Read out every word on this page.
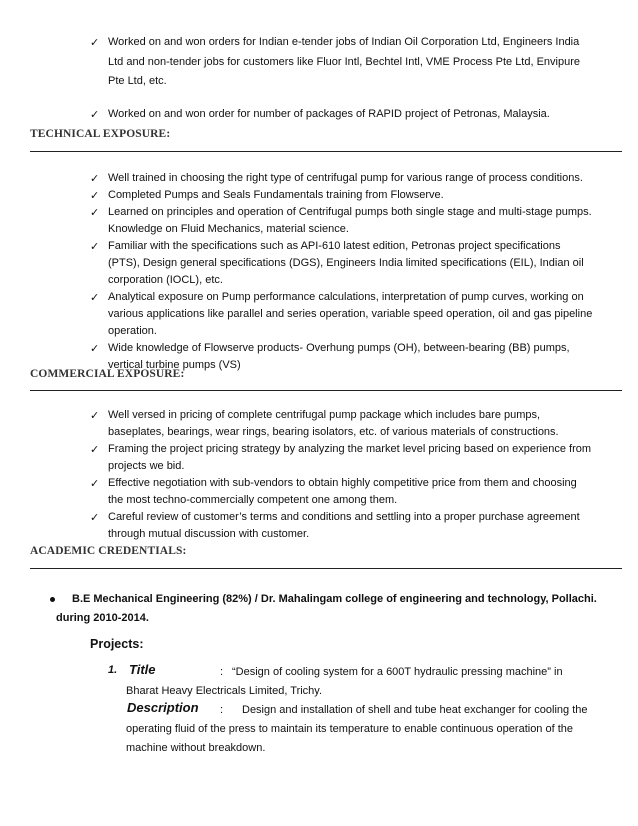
✓ Worked on and won orders for Indian e-tender jobs of Indian Oil Corporation Ltd, Engineers India Ltd and non-tender jobs for customers like Fluor Intl, Bechtel Intl, VME Process Pte Ltd, Envipure Pte Ltd, etc.
✓ Worked on and won order for number of packages of RAPID project of Petronas, Malaysia.
TECHNICAL EXPOSURE:
✓ Well trained in choosing the right type of centrifugal pump for various range of process conditions.
✓ Completed Pumps and Seals Fundamentals training from Flowserve.
✓ Learned on principles and operation of Centrifugal pumps both single stage and multi-stage pumps. Knowledge on Fluid Mechanics, material science.
✓ Familiar with the specifications such as API-610 latest edition, Petronas project specifications (PTS), Design general specifications (DGS), Engineers India limited specifications (EIL), Indian oil corporation (IOCL), etc.
✓ Analytical exposure on Pump performance calculations, interpretation of pump curves, working on various applications like parallel and series operation, variable speed operation, oil and gas pipeline operation.
✓ Wide knowledge of Flowserve products- Overhung pumps (OH), between-bearing (BB) pumps, vertical turbine pumps (VS)
COMMERCIAL EXPOSURE:
✓ Well versed in pricing of complete centrifugal pump package which includes bare pumps, baseplates, bearings, wear rings, bearing isolators, etc. of various materials of constructions.
✓ Framing the project pricing strategy by analyzing the market level pricing based on experience from projects we bid.
✓ Effective negotiation with sub-vendors to obtain highly competitive price from them and choosing the most techno-commercially competent one among them.
✓ Careful review of customer’s terms and conditions and settling into a proper purchase agreement through mutual discussion with customer.
ACADEMIC CREDENTIALS:
B.E Mechanical Engineering (82%) / Dr. Mahalingam college of engineering and technology, Pollachi.
during 2010-2014.
Projects:
1. Title	: “Design of cooling system for a 600T hydraulic pressing machine” in
Bharat Heavy Electricals Limited, Trichy.
Description : Design and installation of shell and tube heat exchanger for cooling the
operating fluid of the press to maintain its temperature to enable continuous operation of the
machine without breakdown.
